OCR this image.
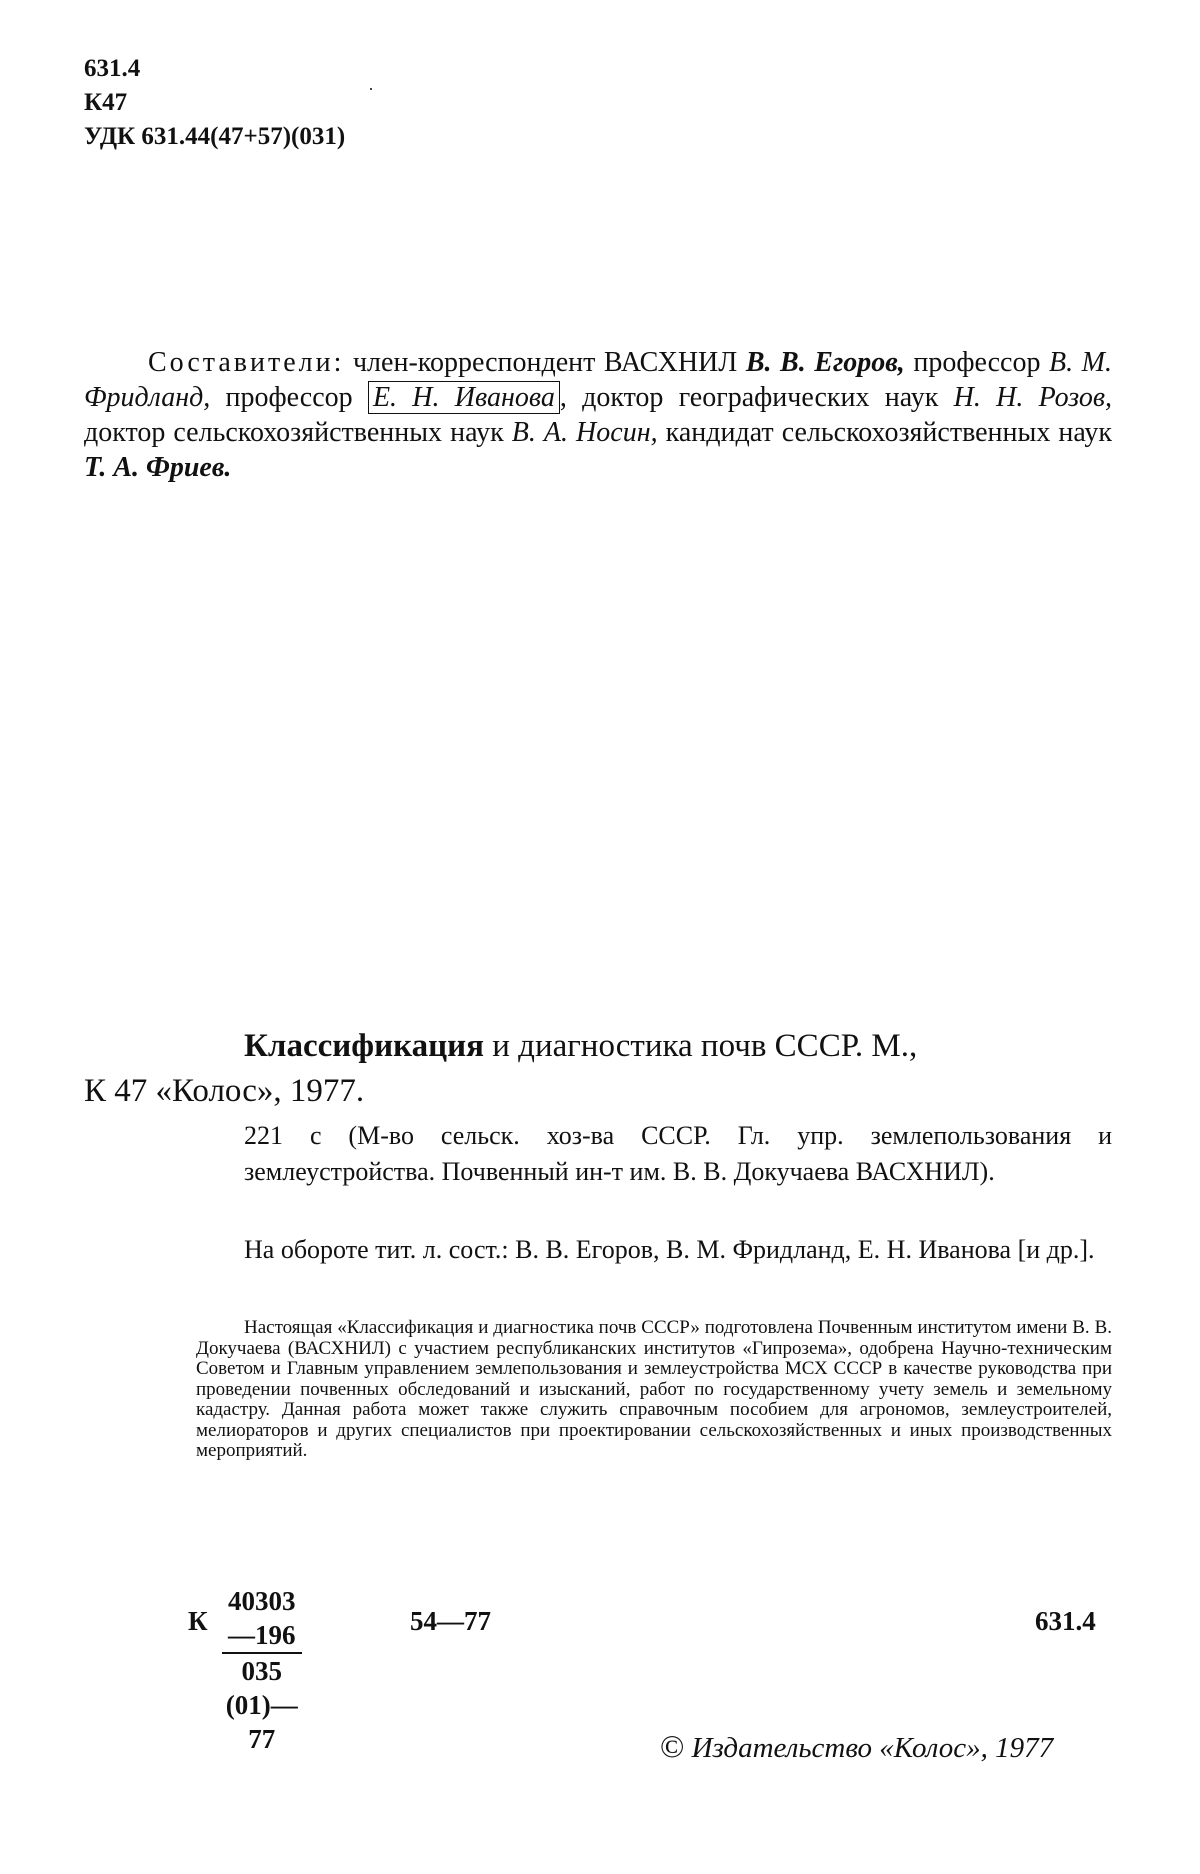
631.4
К47
УДК 631.44(47+57)(031)
Составители: член-корреспондент ВАСХНИЛ В. В. Егоров, профессор В. М. Фридланд, профессор Е. Н. Иванова , доктор географических наук Н. Н. Розов, доктор сельскохозяйственных наук В. А. Носин, кандидат сельскохозяйственных наук Т. А. Фриев.
Классификация и диагностика почв СССР. М.,
К 47 «Колос», 1977.
221 с (М-во сельск. хоз-ва СССР. Гл. упр. землепользования и землеустройства. Почвенный ин-т им. В. В. Докучаева ВАСХНИЛ).
На обороте тит. л. сост.: В. В. Егоров, В. М. Фридланд, Е. Н. Иванова [и др.].
Настоящая «Классификация и диагностика почв СССР» подготовлена Почвенным институтом имени В. В. Докучаева (ВАСХНИЛ) с участием республиканских институтов «Гипрозема», одобрена Научно-техническим Советом и Главным управлением землепользования и землеустройства МСХ СССР в качестве руководства при проведении почвенных обследований и изысканий, работ по государственному учету земель и земельному кадастру. Данная работа может также служить справочным пособием для агрономов, землеустроителей, мелиораторов и других специалистов при проектировании сельскохозяйственных и иных производственных мероприятий.
К $\frac{40303—196}{035 (01)—77}$	54—77	631.4
© Издательство «Колос», 1977
